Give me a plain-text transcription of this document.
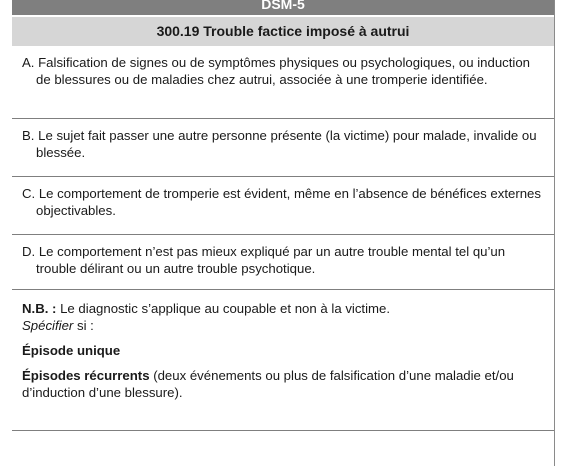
DSM-5
300.19 Trouble factice imposé à autrui
A. Falsification de signes ou de symptômes physiques ou psychologiques, ou induction de blessures ou de maladies chez autrui, associée à une tromperie identifiée.
B. Le sujet fait passer une autre personne présente (la victime) pour malade, invalide ou blessée.
C. Le comportement de tromperie est évident, même en l’absence de bénéfices externes objectivables.
D. Le comportement n’est pas mieux expliqué par un autre trouble mental tel qu’un trouble délirant ou un autre trouble psychotique.

N.B. : Le diagnostic s’applique au coupable et non à la victime.

Spécifier si :

Épisode unique

Épisodes récurrents (deux événements ou plus de falsification d’une maladie et/ou d’induction d’une blessure).
